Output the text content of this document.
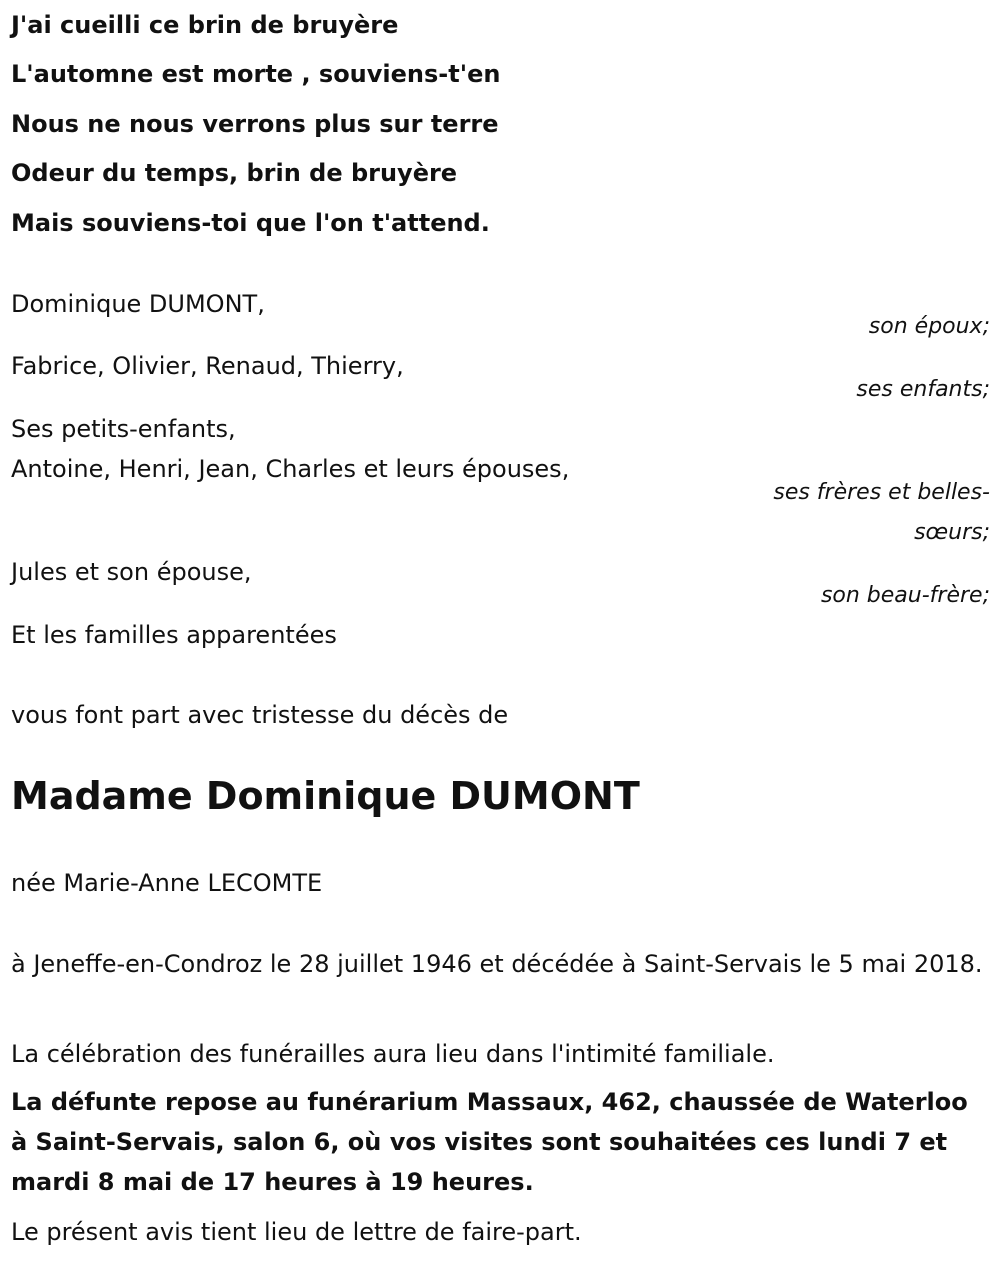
J'ai cueilli ce brin de bruyère

L'automne est morte , souviens-t'en

Nous ne nous verrons plus sur terre

Odeur du temps, brin de bruyère

Mais souviens-toi que l'on t'attend.

Dominique DUMONT,

son époux;

Fabrice, Olivier, Renaud, Thierry,

ses enfants;

Ses petits-enfants,

Antoine, Henri, Jean, Charles et leurs épouses,

ses frères et belles-sœurs;

Jules et son épouse,

son beau-frère;

Et les familles apparentées

vous font part avec tristesse du décès de

Madame Dominique DUMONT

née Marie-Anne LECOMTE

à Jeneffe-en-Condroz le 28 juillet 1946 et décédée à Saint-Servais le 5 mai 2018.

La célébration des funérailles aura lieu dans l'intimité familiale.

La défunte repose au funérarium Massaux, 462, chaussée de Waterloo à Saint-Servais, salon 6, où vos visites sont souhaitées ces lundi 7 et mardi 8 mai de 17 heures à 19 heures.

Le présent avis tient lieu de lettre de faire-part.
